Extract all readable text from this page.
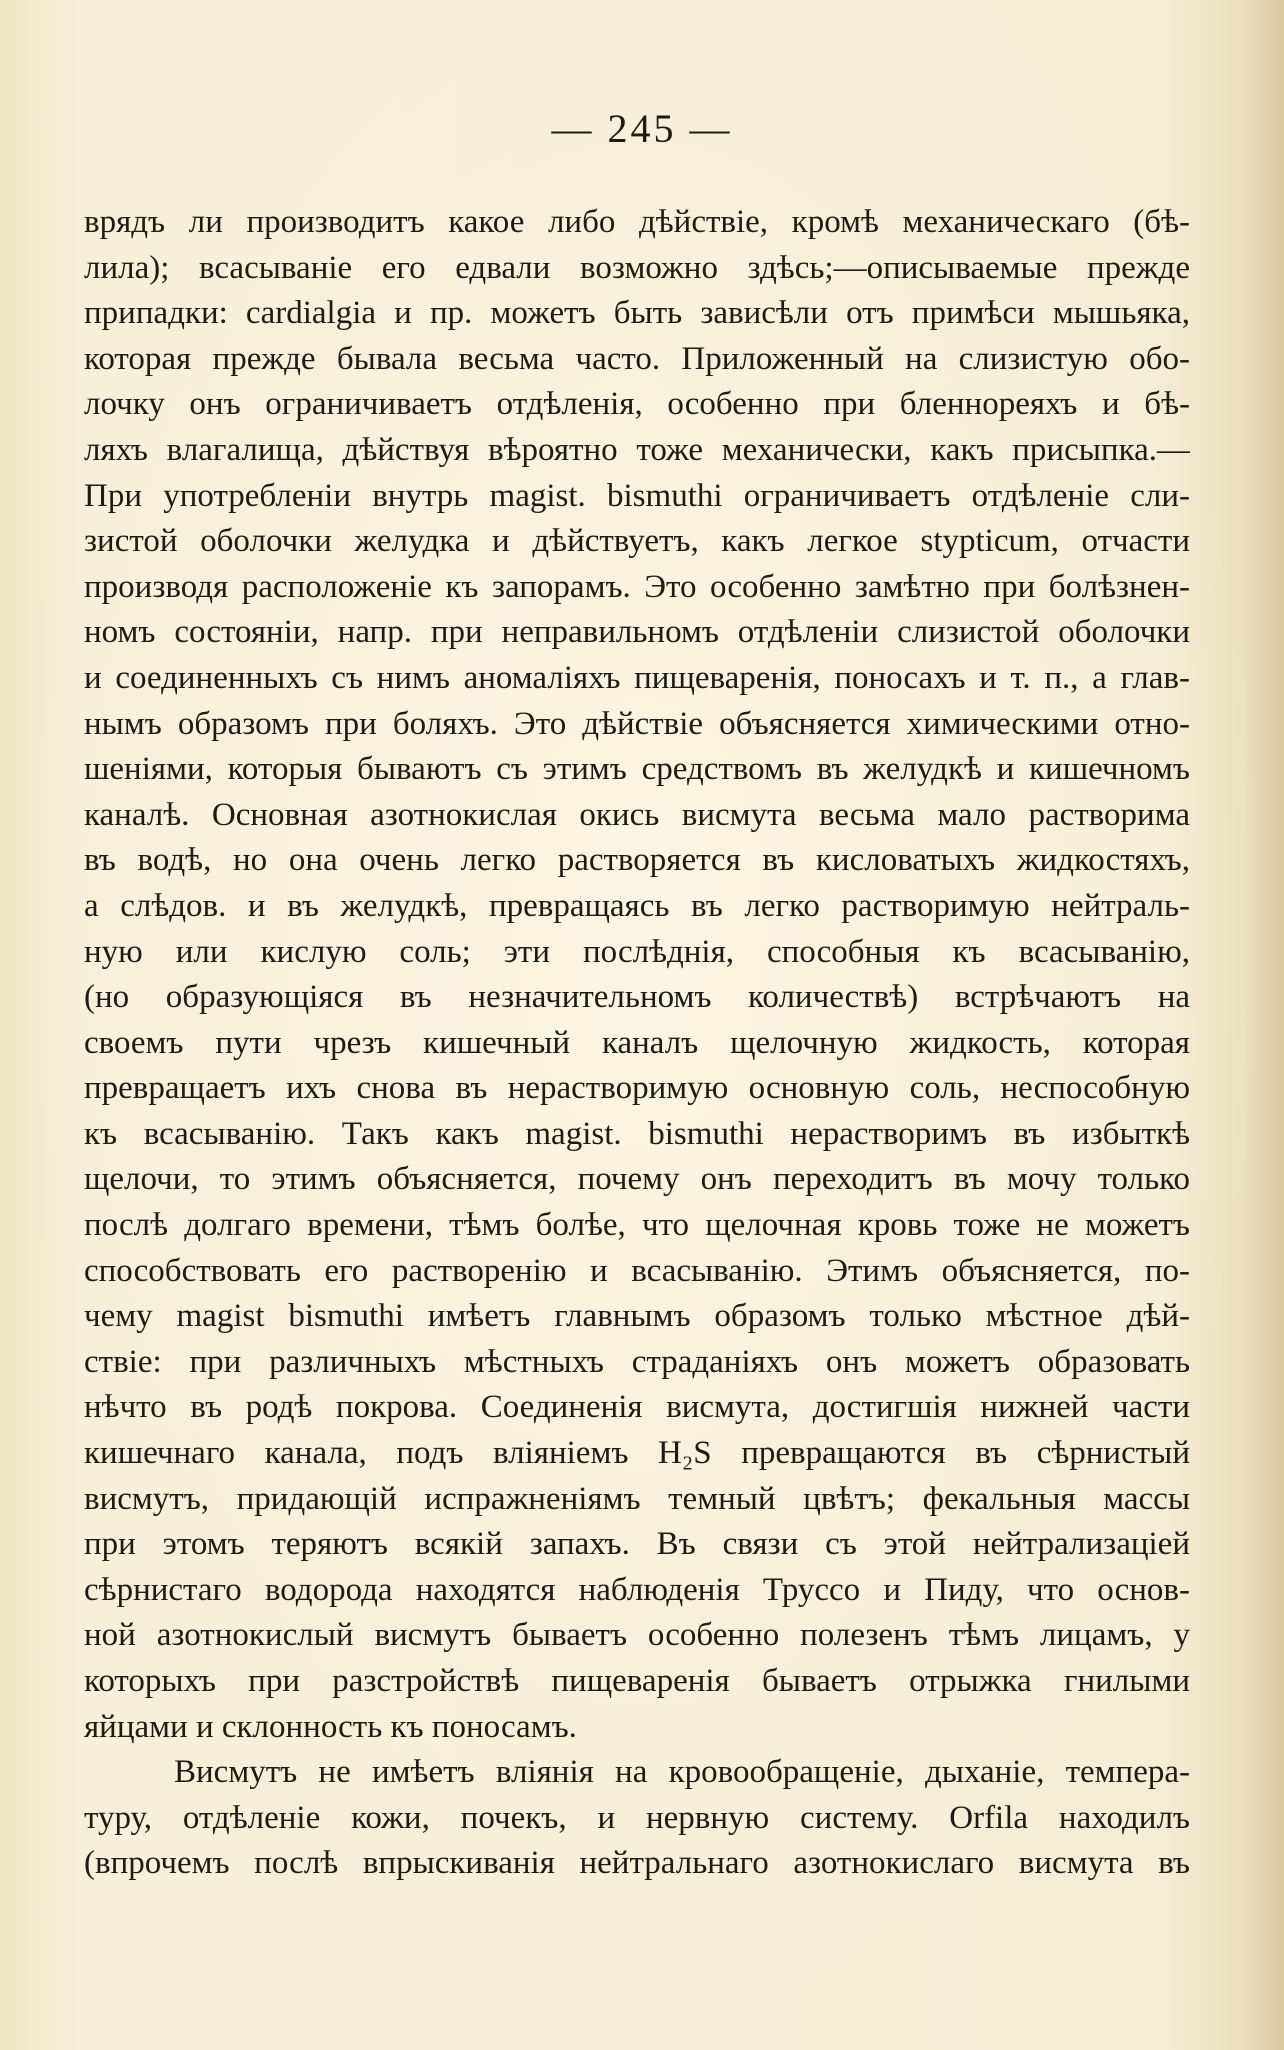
— 245 —
врядъ ли производитъ какое либо дѣйствіе, кромѣ механическаго (бѣ-
лила); всасываніе его едвали возможно здѣсь;—описываемые прежде
припадки: cardialgia и пр. можетъ быть зависѣли отъ примѣси мышьяка,
которая прежде бывала весьма часто. Приложенный на слизистую обо-
лочку онъ ограничиваетъ отдѣленія, особенно при бленнореяхъ и бѣ-
ляхъ влагалища, дѣйствуя вѣроятно тоже механически, какъ присыпка.—
При употребленіи внутрь magist. bismuthi ограничиваетъ отдѣленіе сли-
зистой оболочки желудка и дѣйствуетъ, какъ легкое stypticum, отчасти
производя расположеніе къ запорамъ. Это особенно замѣтно при болѣзнен-
номъ состояніи, напр. при неправильномъ отдѣленіи слизистой оболочки
и соединенныхъ съ нимъ аномаліяхъ пищеваренія, поносахъ и т. п., а глав-
нымъ образомъ при боляхъ. Это дѣйствіе объясняется химическими отно-
шеніями, которыя бываютъ съ этимъ средствомъ въ желудкѣ и кишечномъ
каналѣ. Основная азотнокислая окись висмута весьма мало растворима
въ водѣ, но она очень легко растворяется въ кисловатыхъ жидкостяхъ,
а слѣдов. и въ желудкѣ, превращаясь въ легко растворимую нейтраль-
ную или кислую соль; эти послѣднія, способныя къ всасыванію,
(но образующіяся въ незначительномъ количествѣ) встрѣчаютъ на
своемъ пути чрезъ кишечный каналъ щелочную жидкость, которая
превращаетъ ихъ снова въ нерастворимую основную соль, неспособную
къ всасыванію. Такъ какъ magist. bismuthi нерастворимъ въ избыткѣ
щелочи, то этимъ объясняется, почему онъ переходитъ въ мочу только
послѣ долгаго времени, тѣмъ болѣе, что щелочная кровь тоже не можетъ
способствовать его растворенію и всасыванію. Этимъ объясняется, по-
чему magist bismuthi имѣетъ главнымъ образомъ только мѣстное дѣй-
ствіе: при различныхъ мѣстныхъ страданіяхъ онъ можетъ образовать
нѣчто въ родѣ покрова. Соединенія висмута, достигшія нижней части
кишечнаго канала, подъ вліяніемъ H₂S превращаются въ сѣрнистый
висмутъ, придающій испражненіямъ темный цвѣтъ; фекальныя массы
при этомъ теряютъ всякій запахъ. Въ связи съ этой нейтрализаціей
сѣрнистаго водорода находятся наблюденія Труссо и Пиду, что основ-
ной азотнокислый висмутъ бываетъ особенно полезенъ тѣмъ лицамъ, у
которыхъ при разстройствѣ пищеваренія бываетъ отрыжка гнилыми
яйцами и склонность къ поносамъ.
Висмутъ не имѣетъ вліянія на кровообращеніе, дыханіе, темпера-
туру, отдѣленіе кожи, почекъ, и нервную систему. Orfila находилъ
(впрочемъ послѣ впрыскиванія нейтральнаго азотнокислаго висмута въ
